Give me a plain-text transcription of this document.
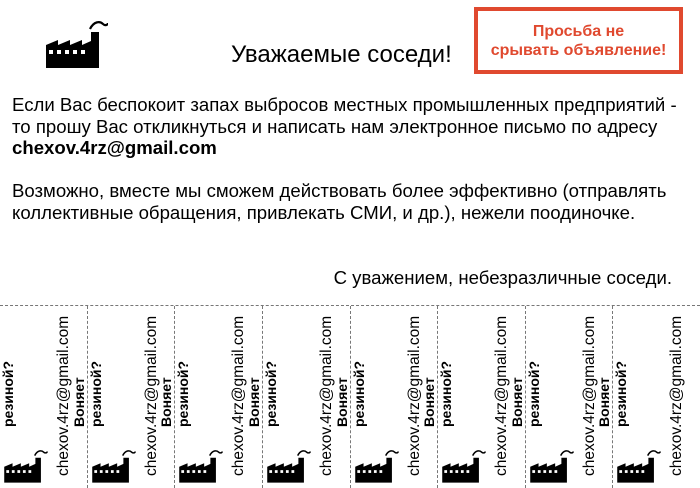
Уважаемые соседи!
Просьба не
срывать объявление!

Если Вас беспокоит запах выбросов местных промышленных предприятий - то прошу Вас откликнуться и написать нам электронное письмо по адресу chexov.4rz@gmail.com

Возможно, вместе мы сможем действовать более эффективно (отправлять коллективные обращения, привлекать СМИ, и др.), нежели поодиночке.

С уважением, небезразличные соседи.
резиной?	chexov.4rz@gmail.com
Воняет резиной?	chexov.4rz@gmail.com
Воняет резиной?	chexov.4rz@gmail.com
Воняет резиной?	chexov.4rz@gmail.com
Воняет резиной?	chexov.4rz@gmail.com
Воняет резиной?	chexov.4rz@gmail.com
Воняет резиной?	chexov.4rz@gmail.com
Воняет резиной?	chexov.4rz@gmail.com
